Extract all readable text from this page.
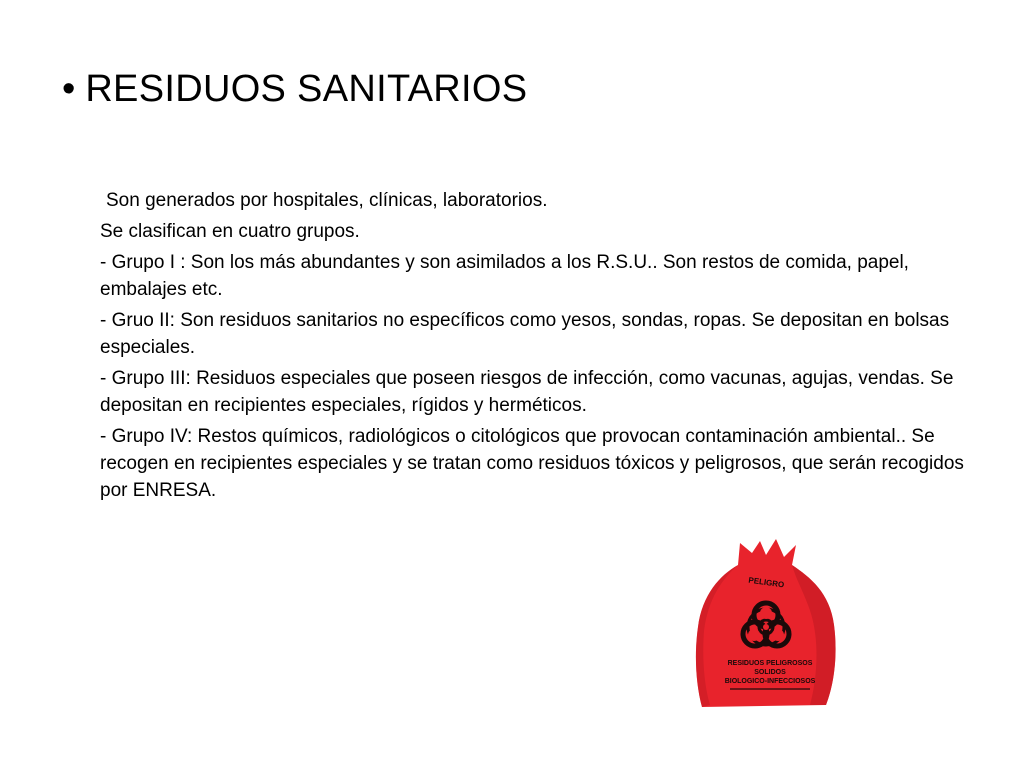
• RESIDUOS SANITARIOS

Son generados por hospitales, clínicas, laboratorios.

Se clasifican en cuatro grupos.

- Grupo I : Son los más abundantes y son asimilados a los R.S.U.. Son restos de comida, papel, embalajes etc.

- Gruo II: Son residuos sanitarios no específicos como yesos, sondas, ropas. Se depositan en bolsas especiales.

- Grupo III: Residuos especiales que poseen riesgos de infección, como vacunas, agujas, vendas. Se depositan en recipientes especiales, rígidos y herméticos.

- Grupo IV: Restos químicos, radiológicos o citológicos que provocan contaminación ambiental.. Se recogen en recipientes especiales y se tratan como residuos tóxicos y peligrosos, que serán recogidos por ENRESA.

PELIGRO
RESIDUOS PELIGROSOS
SOLIDOS
BIOLOGICO-INFECCIOSOS
